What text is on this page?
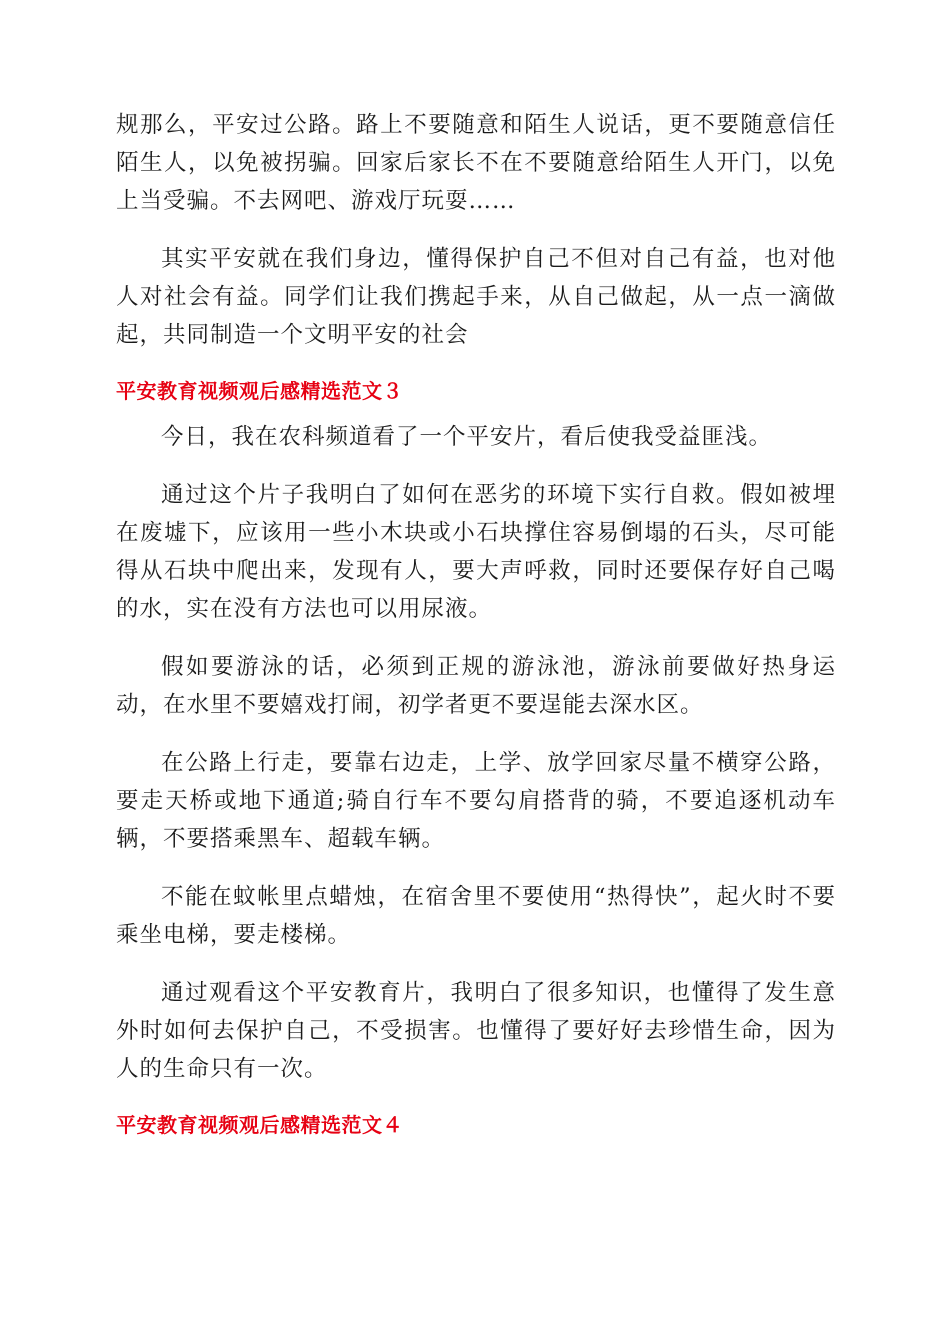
规那么，平安过公路。路上不要随意和陌生人说话，更不要随意信任陌生人，以免被拐骗。回家后家长不在不要随意给陌生人开门，以免上当受骗。不去网吧、游戏厅玩耍……

其实平安就在我们身边，懂得保护自己不但对自己有益，也对他人对社会有益。同学们让我们携起手来，从自己做起，从一点一滴做起，共同制造一个文明平安的社会

平安教育视频观后感精选范文３

今日，我在农科频道看了一个平安片，看后使我受益匪浅。

通过这个片子我明白了如何在恶劣的环境下实行自救。假如被埋在废墟下，应该用一些小木块或小石块撑住容易倒塌的石头，尽可能得从石块中爬出来，发现有人，要大声呼救，同时还要保存好自己喝的水，实在没有方法也可以用尿液。

假如要游泳的话，必须到正规的游泳池，游泳前要做好热身运动，在水里不要嬉戏打闹，初学者更不要逞能去深水区。

在公路上行走，要靠右边走，上学、放学回家尽量不横穿公路，要走天桥或地下通道;骑自行车不要勾肩搭背的骑，不要追逐机动车辆，不要搭乘黑车、超载车辆。

不能在蚊帐里点蜡烛，在宿舍里不要使用“热得快”，起火时不要乘坐电梯，要走楼梯。

通过观看这个平安教育片，我明白了很多知识，也懂得了发生意外时如何去保护自己，不受损害。也懂得了要好好去珍惜生命，因为人的生命只有一次。

平安教育视频观后感精选范文４
